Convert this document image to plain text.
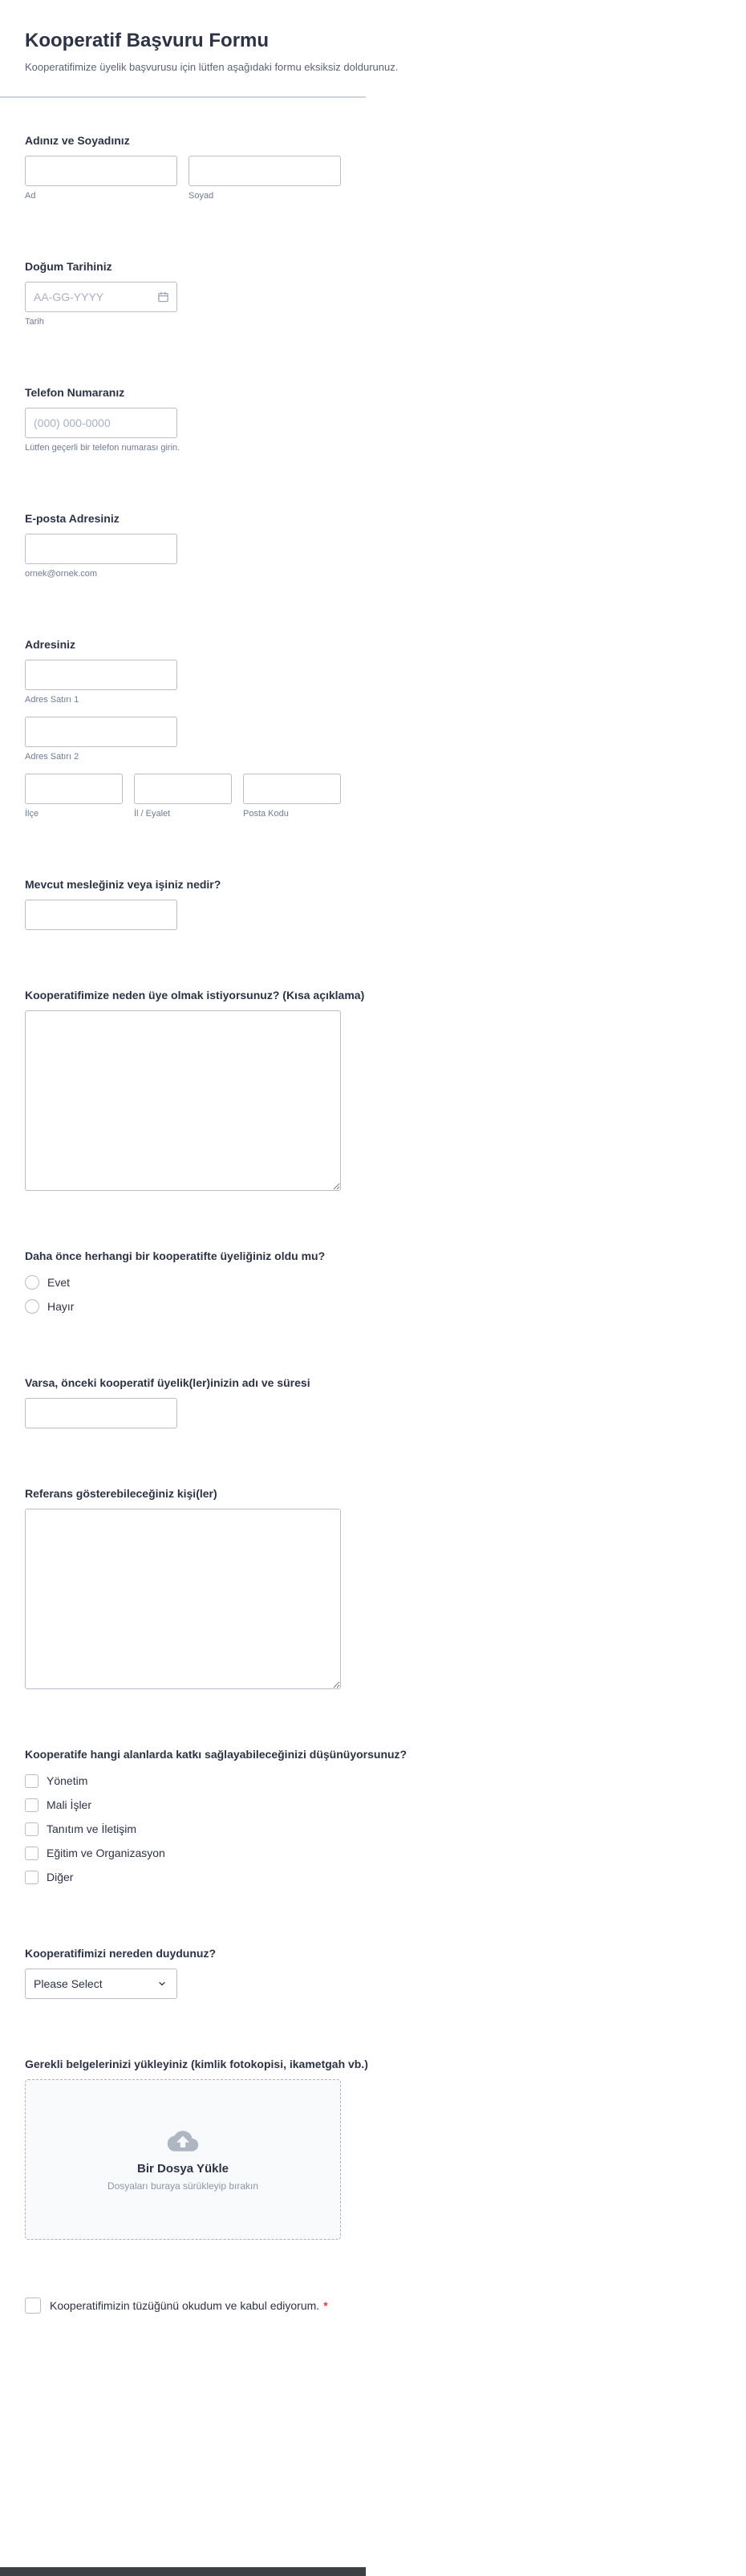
Kooperatif Başvuru Formu

Kooperatifimize üyelik başvurusu için lütfen aşağıdaki formu eksiksiz doldurunuz.

Adınız ve Soyadınız
Ad	Soyad
Doğum Tarihiniz
AA-GG-YYYY
Tarih
Telefon Numaranız
(000) 000-0000
Lütfen geçerli bir telefon numarası girin.
E-posta Adresiniz
ornek@ornek.com
Adresiniz
Adres Satırı 1
Adres Satırı 2
İlçe	İl / Eyalet	Posta Kodu
Mevcut mesleğiniz veya işiniz nedir?
Kooperatifimize neden üye olmak istiyorsunuz? (Kısa açıklama)
Daha önce herhangi bir kooperatifte üyeliğiniz oldu mu?
Evet
Hayır
Varsa, önceki kooperatif üyelik(ler)inizin adı ve süresi
Referans gösterebileceğiniz kişi(ler)
Kooperatife hangi alanlarda katkı sağlayabileceğinizi düşünüyorsunuz?
Yönetim
Mali İşler
Tanıtım ve İletişim
Eğitim ve Organizasyon
Diğer
Kooperatifimizi nereden duydunuz?
Please Select
Gerekli belgelerinizi yükleyiniz (kimlik fotokopisi, ikametgah vb.)
Bir Dosya Yükle
Dosyaları buraya sürükleyip bırakın
Kooperatifimizin tüzüğünü okudum ve kabul ediyorum. *
